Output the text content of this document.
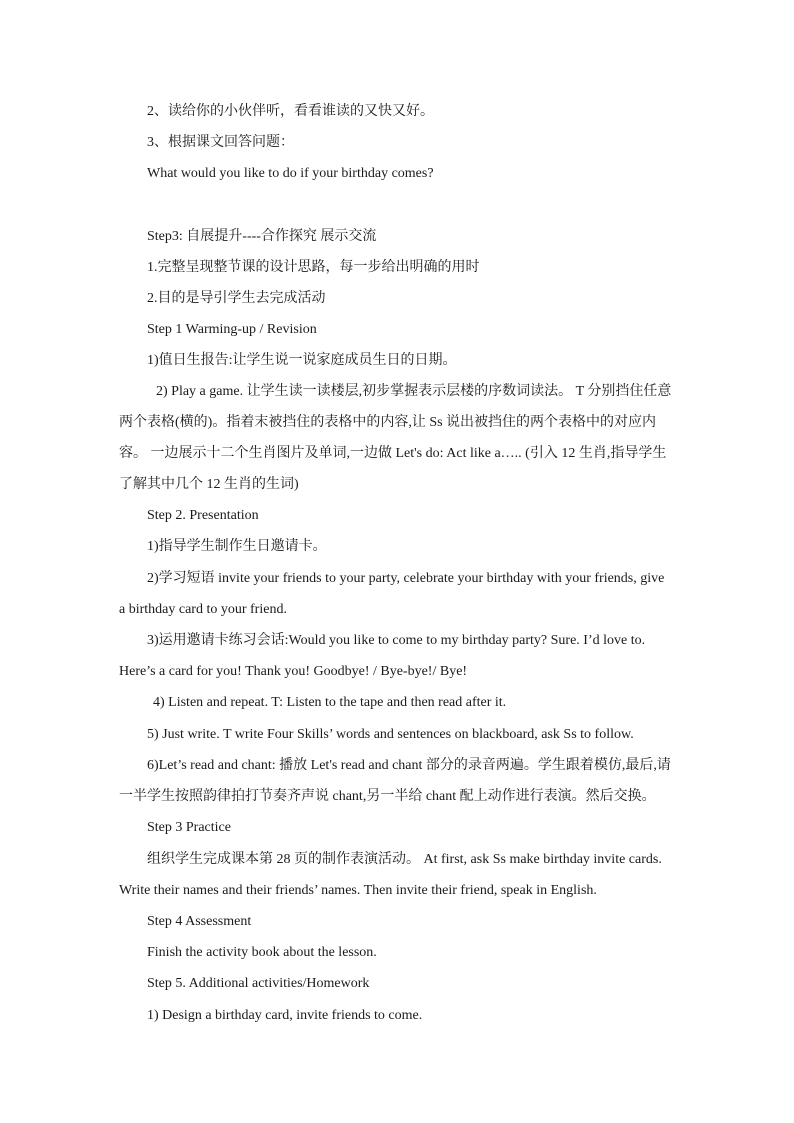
2、读给你的小伙伴听，看看谁读的又快又好。
3、根据课文回答问题：
What would you like to do if your birthday comes?
Step3: 自展提升----合作探究 展示交流
1.完整呈现整节课的设计思路，每一步给出明确的用时
2.目的是导引学生去完成活动
Step 1 Warming-up / Revision
1)值日生报告:让学生说一说家庭成员生日的日期。
2) Play a game. 让学生读一读楼层,初步掌握表示层楼的序数词读法。 T 分别挡住任意
两个表格(横的)。指着末被挡住的表格中的内容,让 Ss 说出被挡住的两个表格中的对应内
容。 一边展示十二个生肖图片及单词,一边做 Let's do: Act like a….. (引入 12 生肖,指导学生
了解其中几个 12 生肖的生词)
Step 2. Presentation
1)指导学生制作生日邀请卡。
2)学习短语 invite your friends to your party, celebrate your birthday with your friends, give
a birthday card to your friend.
3)运用邀请卡练习会话:Would you like to come to my birthday party? Sure. I’d love to.
Here’s a card for you! Thank you! Goodbye! / Bye-bye!/ Bye!
4) Listen and repeat. T: Listen to the tape and then read after it.
5) Just write. T write Four Skills’ words and sentences on blackboard, ask Ss to follow.
6)Let’s read and chant: 播放 Let's read and chant 部分的录音两遍。学生跟着模仿,最后,请
一半学生按照韵律拍打节奏齐声说 chant,另一半给 chant 配上动作进行表演。然后交换。
Step 3 Practice
组织学生完成课本第 28 页的制作表演活动。 At first, ask Ss make birthday invite cards.
Write their names and their friends’ names. Then invite their friend, speak in English.
Step 4 Assessment
Finish the activity book about the lesson.
Step 5. Additional activities/Homework
1) Design a birthday card, invite friends to come.
